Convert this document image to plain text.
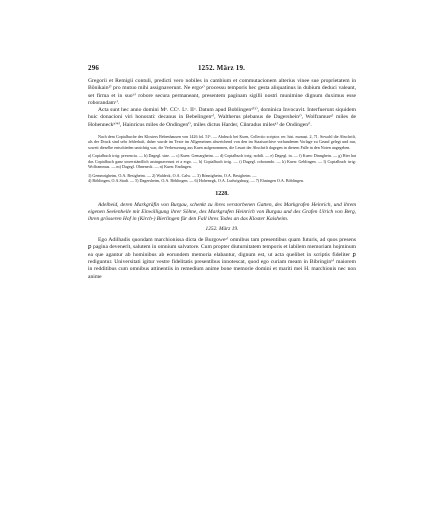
296	1252. März 19.

Gregorii et Remigii contuli, predicti vero nobiles in cambium et commutacionem alterius vinee sue proprietatem in Bŏnikain²⁾ pro mutuo mihi assignaverunt. Ne ergoᵃ⁾ processu temporis hec gesta aliquatinus in dubium deduci valeant, set firma et in suoᵇ⁾ robore secura permaneant, presentem paginam sigilli nostri munimine dignum duximus esse roborandamᶜ⁾.

Acta sunt hec anno domini Mᵒ. CCᵒ. Lᵒ. IIᵒ. Datum apud Boblingenᵈ⁾⁵⁾, dominica Invocavit. Interfuerunt siquidem huic donacioni viri honorati: decanus in Bebelingenᵉ⁾, Waltherus plebanus de Dagersheinᶠ⁾, Wolframusᵍ⁾ miles de Hohenneckʰ⁾⁴⁾, Hainricus miles de Ondingenⁱ⁾, miles dictus Harder, Cůnradus milesᵏ⁾ de Ondingenˡ⁾.

Nach dem Copialbuche des Klosters Bebenhausen von 1426 fol. 51ᵇ. — Abdruck bei Kuen, Collectio scriptor. rer. hist. monast. 2, 71. Sowohl die Abschrift, als der Druck sind sehr fehlerhaft, daher wurde im Texte im Allgemeinen abweichend von den im Staatsarchive vorhandenen Vorlage zu Grund gelegt und nur, soweit dieselbe entschieden unrichtig war, die Verbesserung aus Kuen aufgenommen, die Lesart der Abschrift dagegen in diesem Falle in den Noten angegeben.

a) Copialbuch irrig: presencia. — b) Dagegl. sine. — c) Kuen: Gemargheim. — d) Copialbuch irrig: nobili. — e) Dagegl. in. — f) Kuen: Dinnghein. — g) Hier hat das Copialbuch ganz unverständlich assingnaverunt et a ergo. — h) Copialbuch irrig. — i) Dagegl. roborando. — k) Kuen: Geblingen. — l) Copialbuch irrig: Wolframmus. — m) Dagegl. Ohneneck. — n) Kuen: Endingen.

1) Gemmrigheim, O.A. Besigheim. — 2) Waldeck, O.A. Calw. — 3) Bönnigheim, O.A. Besigheim. —
4) Böblingen, O.A.Stadt. — 5) Dagersheim, O.A. Böblingen. — 6) Hohenegk, O.A. Ludwigsburg. — 7) Ehningen O.A. Böblingen.
1228.

Adelheid, deren Markgräfin von Burgau, schenkt zu ihres verstorbenen Gatten, des Markgrafen Heinrich, und ihrem eigenen Seelenheile mit Einwilligung ihrer Söhne, des Markgrafen Heinrich von Burgau und des Grafen Ulrich von Berg, ihren grösseren Hof in (Kirch-) Bierlingen für den Fall ihres Todes an das Kloster Kaisheim.

1252. März 19.

Ego Adilhadis quondam marchionissa dicta de Burgoweᵃ⁾ omnibus tam presentibus quam futuris, ad quos presens ꝑ pagina devenerit, salutem in omnium salvatore. Cum propter diuturnitatem temporis et labilem memoriam hojminum ea que agantur ab hominibus ab eorundem memoria elabantur, dignum est, ut acta quelibet in scriptis fideliter ꝑ rediguntur. Universitati igitur vestre fidelitatis presentibus innotescat, quod ego curiam meam in Bibringinᵇ⁾ maiorem in redditibus cum omnibus attinentiis in remedium anime bone memorie domini et mariti mei H. marchionis nec non anime
